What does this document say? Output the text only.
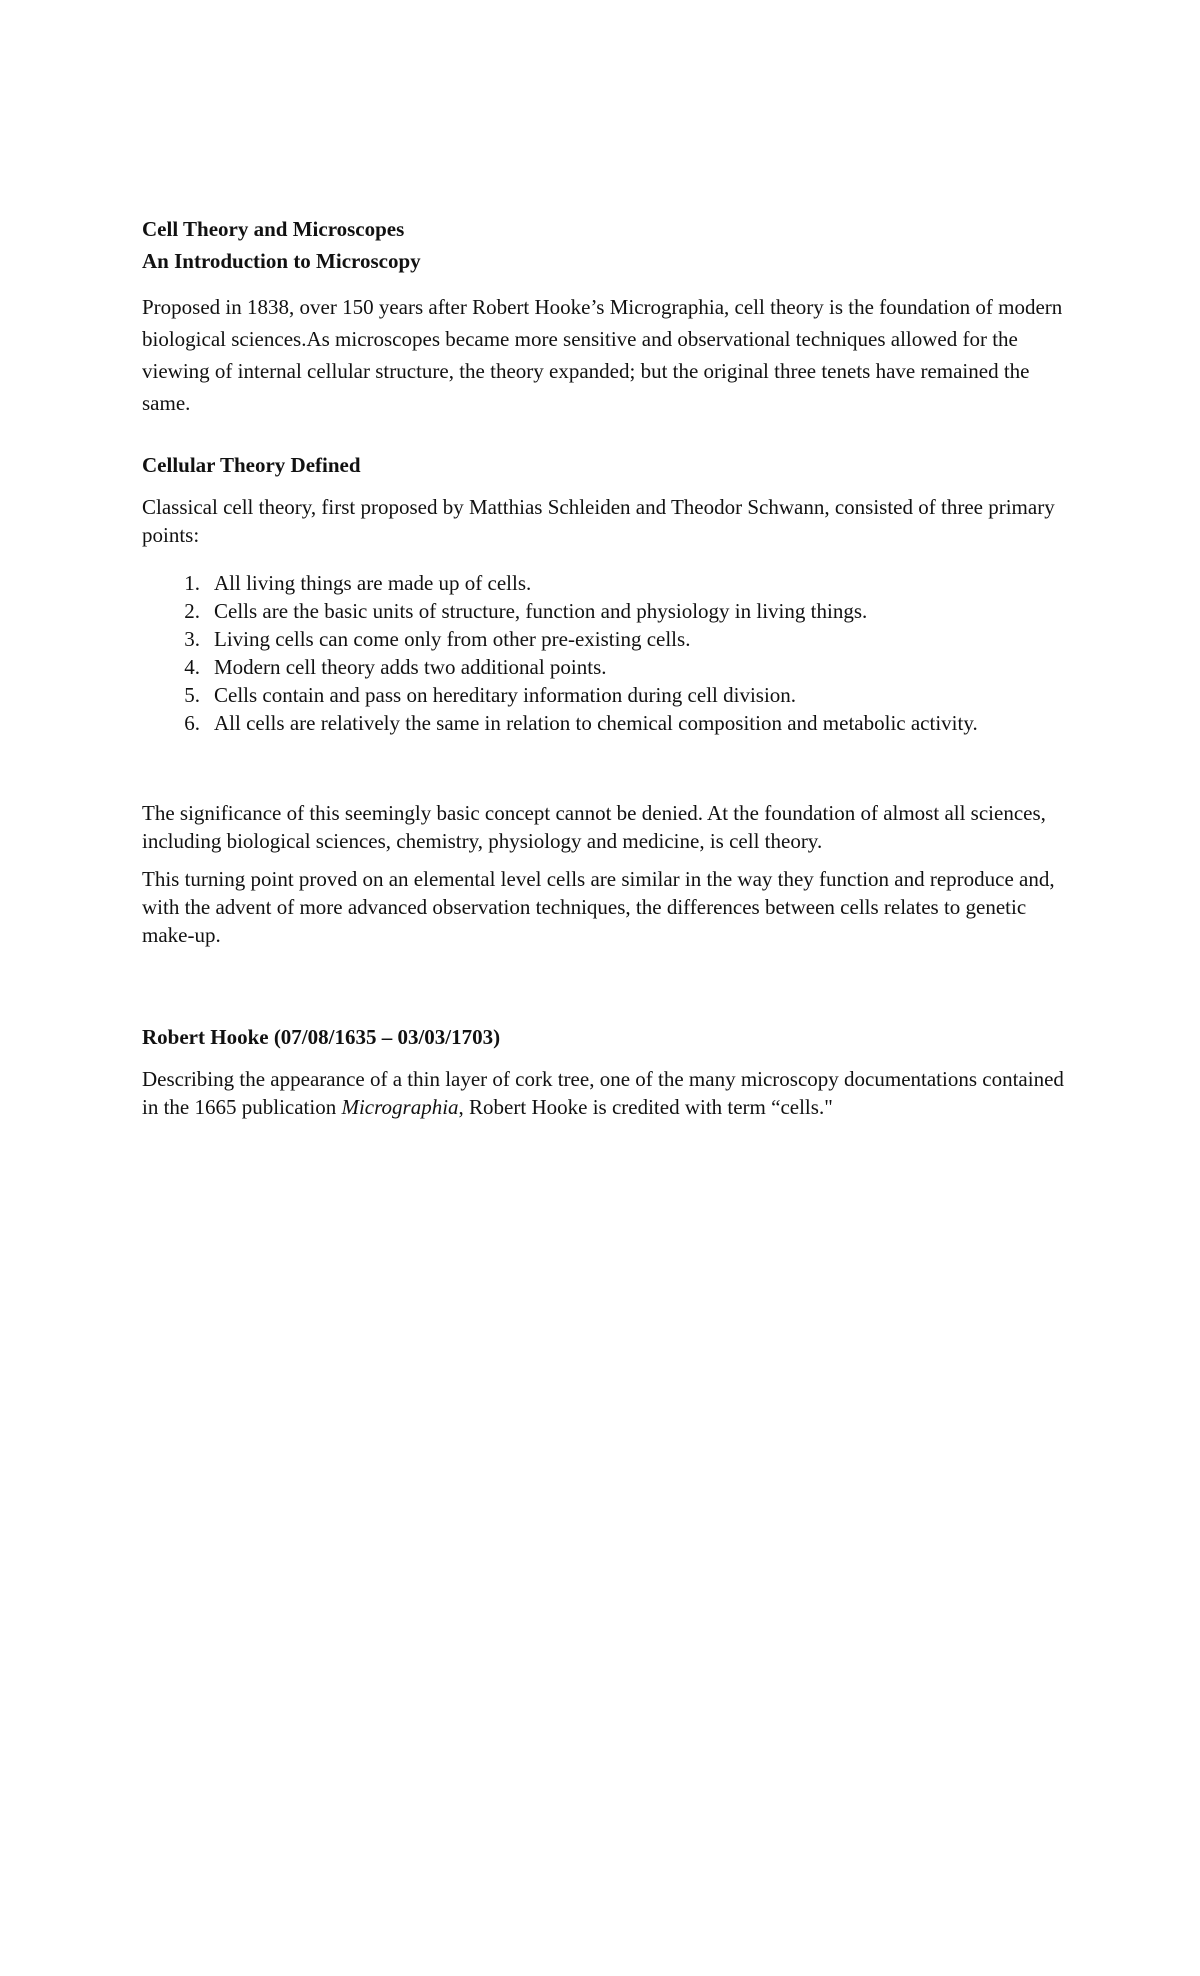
Cell Theory and Microscopes

An Introduction to Microscopy

Proposed in 1838, over 150 years after Robert Hooke’s Micrographia, cell theory is the foundation of modern biological sciences.As microscopes became more sensitive and observational techniques allowed for the viewing of internal cellular structure, the theory expanded; but the original three tenets have remained the same.

Cellular Theory Defined

Classical cell theory, first proposed by Matthias Schleiden and Theodor Schwann, consisted of three primary points:

1. All living things are made up of cells.
2. Cells are the basic units of structure, function and physiology in living things.
3. Living cells can come only from other pre-existing cells.
4. Modern cell theory adds two additional points.
5. Cells contain and pass on hereditary information during cell division.
6. All cells are relatively the same in relation to chemical composition and metabolic activity.

The significance of this seemingly basic concept cannot be denied. At the foundation of almost all sciences, including biological sciences, chemistry, physiology and medicine, is cell theory.

This turning point proved on an elemental level cells are similar in the way they function and reproduce and, with the advent of more advanced observation techniques, the differences between cells relates to genetic make-up.

Robert Hooke (07/08/1635 – 03/03/1703)

Describing the appearance of a thin layer of cork tree, one of the many microscopy documentations contained in the 1665 publication Micrographia, Robert Hooke is credited with term “cells."
